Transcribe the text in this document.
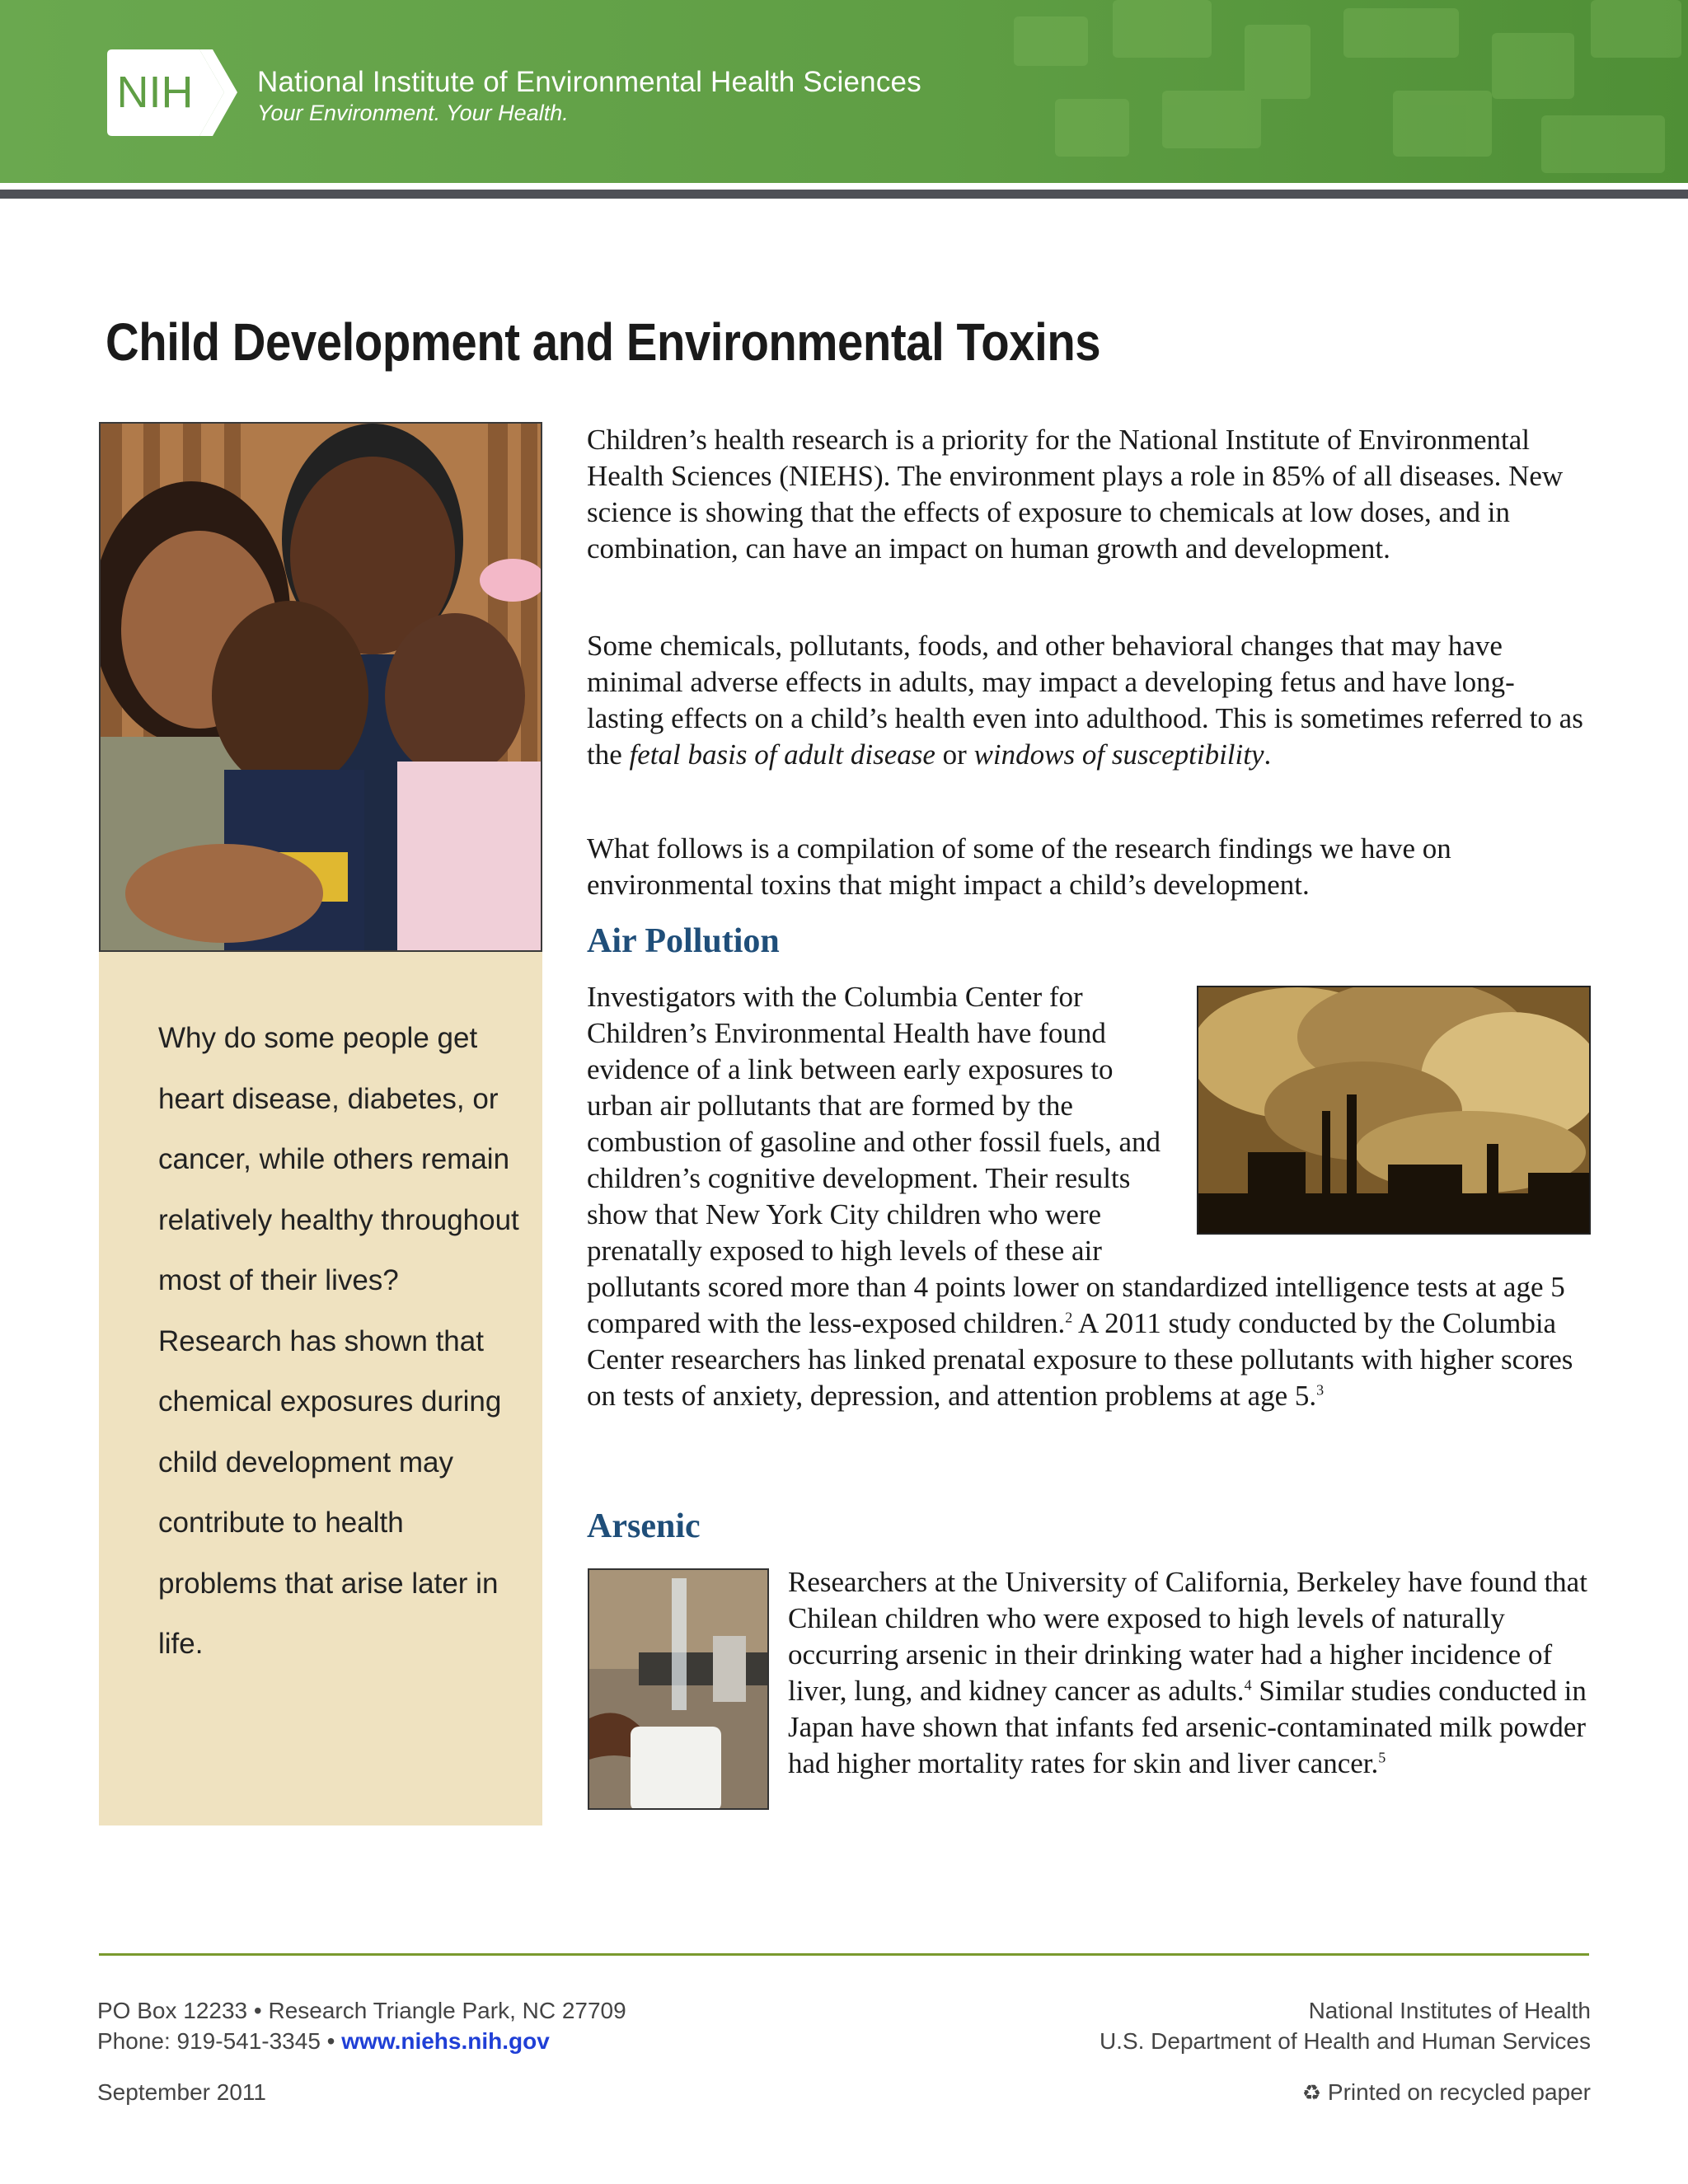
NIH National Institute of Environmental Health Sciences
Your Environment. Your Health.
Child Development and Environmental Toxins
Why do some people get heart disease, diabetes, or cancer, while others remain relatively healthy throughout most of their lives? Research has shown that chemical exposures during child development may contribute to health problems that arise later in life.

Children’s health research is a priority for the National Institute of Environmental Health Sciences (NIEHS). The environment plays a role in 85% of all diseases. New science is showing that the effects of exposure to chemicals at low doses, and in combination, can have an impact on human growth and development.

Some chemicals, pollutants, foods, and other behavioral changes that may have minimal adverse effects in adults, may impact a developing fetus and have long-lasting effects on a child’s health even into adulthood. This is sometimes referred to as the fetal basis of adult disease or windows of susceptibility.

What follows is a compilation of some of the research findings we have on environmental toxins that might impact a child’s development.

Air Pollution
Investigators with the Columbia Center for Children’s Environmental Health have found evidence of a link between early exposures to urban air pollutants that are formed by the combustion of gasoline and other fossil fuels, and children’s cognitive development. Their results show that New York City children who were prenatally exposed to high levels of these air pollutants scored more than 4 points lower on standardized intelligence tests at age 5 compared with the less-exposed children.$^2$ A 2011 study conducted by the Columbia Center researchers has linked prenatal exposure to these pollutants with higher scores on tests of anxiety, depression, and attention problems at age 5.$^3$
Arsenic
Researchers at the University of California, Berkeley have found that Chilean children who were exposed to high levels of naturally occurring arsenic in their drinking water had a higher incidence of liver, lung, and kidney cancer as adults.$^4$ Similar studies conducted in Japan have shown that infants fed arsenic-contaminated milk powder had higher mortality rates for skin and liver cancer.$^5$
PO Box 12233 • Research Triangle Park, NC 27709
Phone: 919-541-3345 • www.niehs.nih.gov
September 2011
National Institutes of Health
U.S. Department of Health and Human Services
♻ Printed on recycled paper
